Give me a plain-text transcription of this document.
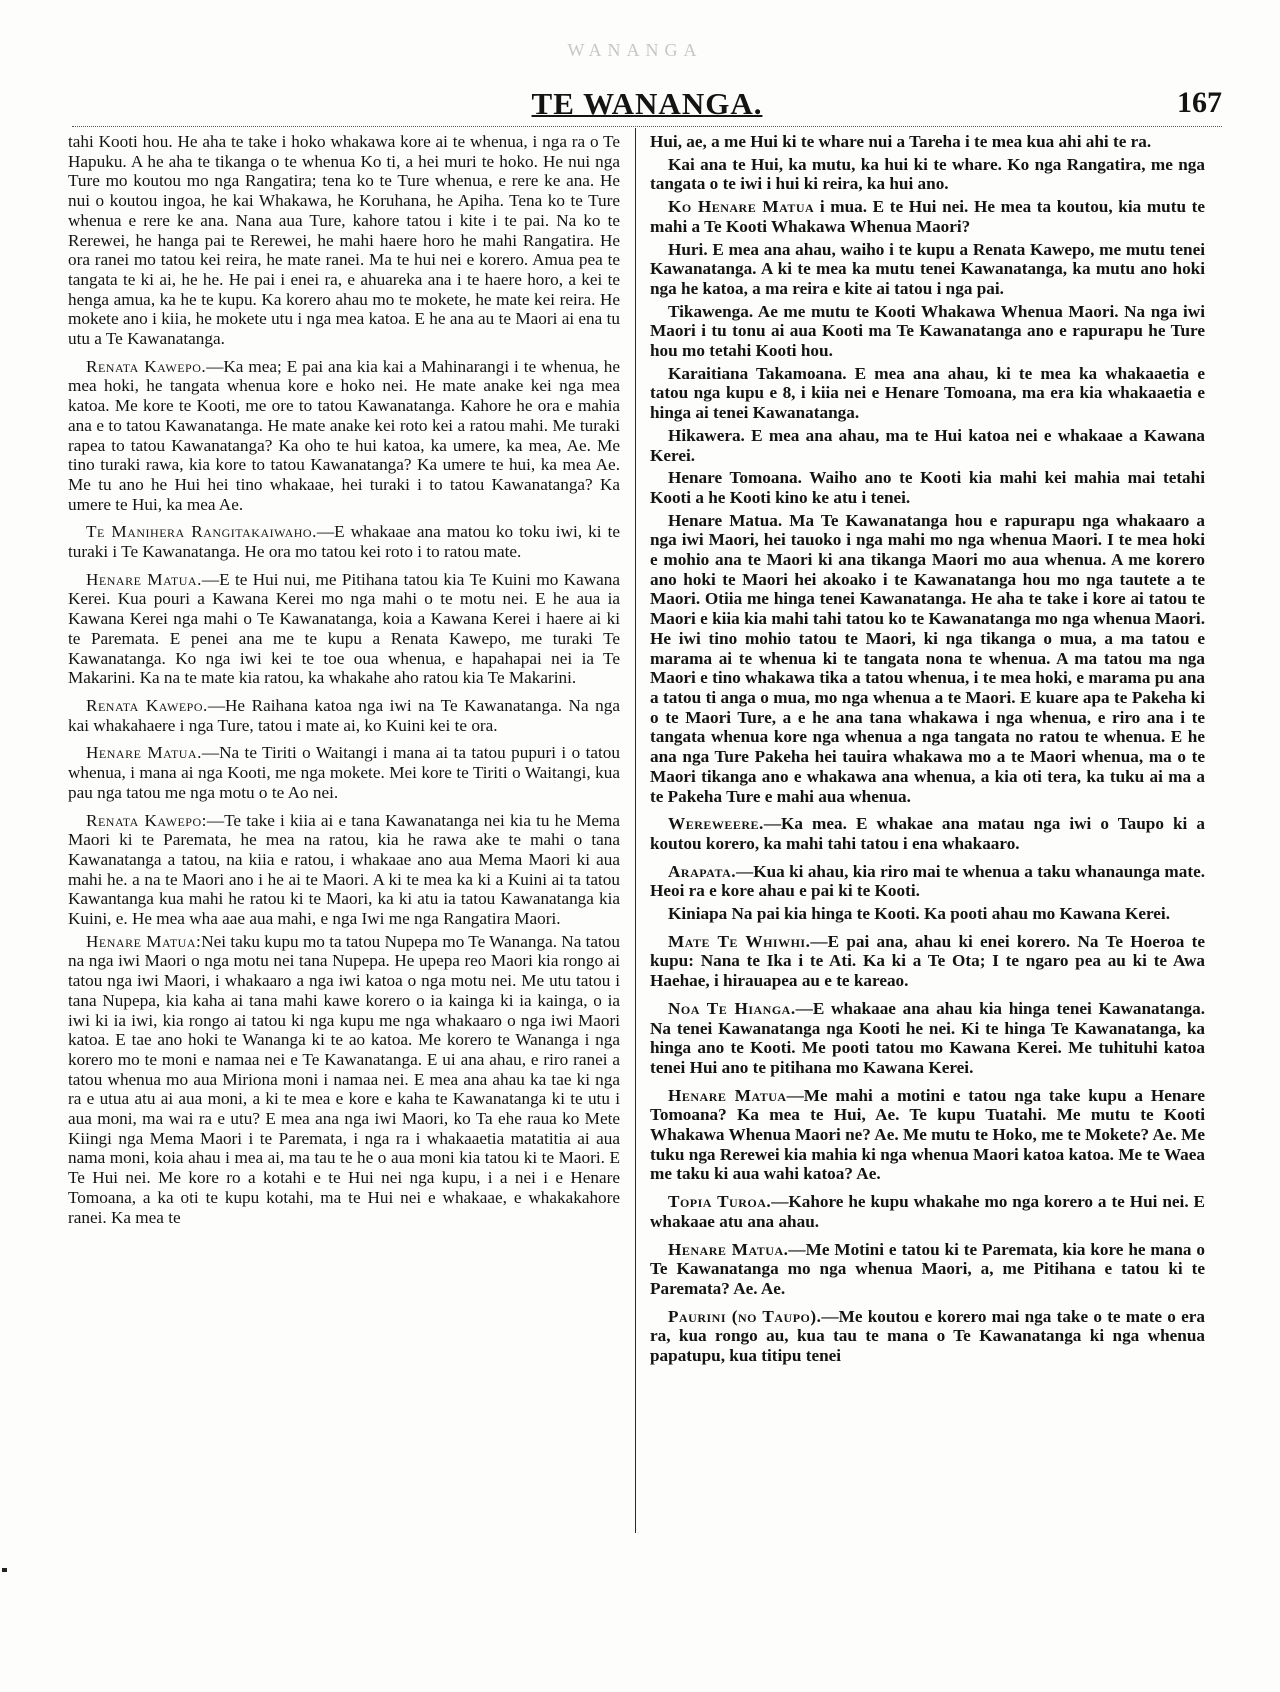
WANANGA
TE WANANGA.	167

tahi Kooti hou. He aha te take i hoko whakawa kore ai te whenua, i nga ra o Te Hapuku. A he aha te tikanga o te whenua Ko ti, a hei muri te hoko. He nui nga Ture mo koutou mo nga Rangatira; tena ko te Ture whenua, e rere ke ana. He nui o koutou ingoa, he kai Whakawa, he Koruhana, he Apiha. Tena ko te Ture whenua e rere ke ana. Nana aua Ture, kahore tatou i kite i te pai. Na ko te Rerewei, he hanga pai te Rerewei, he mahi haere horo he mahi Rangatira. He ora ranei mo tatou kei reira, he mate ranei. Ma te hui nei e korero. Amua pea te tangata te ki ai, he he. He pai i enei ra, e ahuareka ana i te haere horo, a kei te henga amua, ka he te kupu. Ka korero ahau mo te mokete, he mate kei reira. He mokete ano i kiia, he mokete utu i nga mea katoa. E he ana au te Maori ai ena tu utu a Te Kawanatanga.

Renata Kawepo.—Ka mea; E pai ana kia kai a Mahinarangi i te whenua, he mea hoki, he tangata whenua kore e hoko nei. He mate anake kei nga mea katoa. Me kore te Kooti, me ore to tatou Kawanatanga. Kahore he ora e mahia ana e to tatou Kawanatanga. He mate anake kei roto kei a ratou mahi. Me turaki rapea to tatou Kawanatanga? Ka oho te hui katoa, ka umere, ka mea, Ae. Me tino turaki rawa, kia kore to tatou Kawanatanga? Ka umere te hui, ka mea Ae. Me tu ano he Hui hei tino whakaae, hei turaki i to tatou Kawanatanga? Ka umere te Hui, ka mea Ae.

Te Manihera Rangitakaiwaho.—E whakaae ana matou ko toku iwi, ki te turaki i Te Kawanatanga. He ora mo tatou kei roto i to ratou mate.

Henare Matua.—E te Hui nui, me Pitihana tatou kia Te Kuini mo Kawana Kerei. Kua pouri a Kawana Kerei mo nga mahi o te motu nei. E he aua ia Kawana Kerei nga mahi o Te Kawanatanga, koia a Kawana Kerei i haere ai ki te Paremata. E penei ana me te kupu a Renata Kawepo, me turaki Te Kawanatanga. Ko nga iwi kei te toe oua whenua, e hapahapai nei ia Te Makarini. Ka na te mate kia ratou, ka whakahe aho ratou kia Te Makarini.

Renata Kawepo.—He Raihana katoa nga iwi na Te Kawanatanga. Na nga kai whakahaere i nga Ture, tatou i mate ai, ko Kuini kei te ora.

Henare Matua.—Na te Tiriti o Waitangi i mana ai ta tatou pupuri i o tatou whenua, i mana ai nga Kooti, me nga mokete. Mei kore te Tiriti o Waitangi, kua pau nga tatou me nga motu o te Ao nei.

Renata Kawepo:—Te take i kiia ai e tana Kawanatanga nei kia tu he Mema Maori ki te Paremata, he mea na ratou, kia he rawa ake te mahi o tana Kawanatanga a tatou, na kiia e ratou, i whakaae ano aua Mema Maori ki aua mahi he. a na te Maori ano i he ai te Maori. A ki te mea ka ki a Kuini ai ta tatou Kawantanga kua mahi he ratou ki te Maori, ka ki atu ia tatou Kawanatanga kia Kuini, e. He mea wha aae aua mahi, e nga Iwi me nga Rangatira Maori.

Henare Matua:Nei taku kupu mo ta tatou Nupepa mo Te Wananga. Na tatou na nga iwi Maori o nga motu nei tana Nupepa. He upepa reo Maori kia rongo ai tatou nga iwi Maori, i whakaaro a nga iwi katoa o nga motu nei. Me utu tatou i tana Nupepa, kia kaha ai tana mahi kawe korero o ia kainga ki ia kainga, o ia iwi ki ia iwi, kia rongo ai tatou ki nga kupu me nga whakaaro o nga iwi Maori katoa. E tae ano hoki te Wananga ki te ao katoa. Me korero te Wananga i nga korero mo te moni e namaa nei e Te Kawanatanga. E ui ana ahau, e riro ranei a tatou whenua mo aua Miriona moni i namaa nei. E mea ana ahau ka tae ki nga ra e utua atu ai aua moni, a ki te mea e kore e kaha te Kawanatanga ki te utu i aua moni, ma wai ra e utu? E mea ana nga iwi Maori, ko Ta ehe raua ko Mete Kiingi nga Mema Maori i te Paremata, i nga ra i whakaaetia matatitia ai aua nama moni, koia ahau i mea ai, ma tau te he o aua moni kia tatou ki te Maori. E Te Hui nei. Me kore ro a kotahi e te Hui nei nga kupu, i a nei i e Henare Tomoana, a ka oti te kupu kotahi, ma te Hui nei e whakaae, e whakakahore ranei. Ka mea te

Hui, ae, a me Hui ki te whare nui a Tareha i te mea kua ahi ahi te ra.

Kai ana te Hui, ka mutu, ka hui ki te whare. Ko nga Rangatira, me nga tangata o te iwi i hui ki reira, ka hui ano.

Ko Henare Matua i mua. E te Hui nei. He mea ta koutou, kia mutu te mahi a Te Kooti Whakawa Whenua Maori?

Huri. E mea ana ahau, waiho i te kupu a Renata Kawepo, me mutu tenei Kawanatanga. A ki te mea ka mutu tenei Kawanatanga, ka mutu ano hoki nga he katoa, a ma reira e kite ai tatou i nga pai.

Tikawenga. Ae me mutu te Kooti Whakawa Whenua Maori. Na nga iwi Maori i tu tonu ai aua Kooti ma Te Kawanatanga ano e rapurapu he Ture hou mo tetahi Kooti hou.

Karaitiana Takamoana. E mea ana ahau, ki te mea ka whakaaetia e tatou nga kupu e 8, i kiia nei e Henare Tomoana, ma era kia whakaaetia e hinga ai tenei Kawanatanga.

Hikawera. E mea ana ahau, ma te Hui katoa nei e whakaae a Kawana Kerei.

Henare Tomoana. Waiho ano te Kooti kia mahi kei mahia mai tetahi Kooti a he Kooti kino ke atu i tenei.

Henare Matua. Ma Te Kawanatanga hou e rapurapu nga whakaaro a nga iwi Maori, hei tauoko i nga mahi mo nga whenua Maori. I te mea hoki e mohio ana te Maori ki ana tikanga Maori mo aua whenua. A me korero ano hoki te Maori hei akoako i te Kawanatanga hou mo nga tautete a te Maori. Otiia me hinga tenei Kawanatanga. He aha te take i kore ai tatou te Maori e kiia kia mahi tahi tatou ko te Kawanatanga mo nga whenua Maori. He iwi tino mohio tatou te Maori, ki nga tikanga o mua, a ma tatou e marama ai te whenua ki te tangata nona te whenua. A ma tatou ma nga Maori e tino whakawa tika a tatou whenua, i te mea hoki, e marama pu ana a tatou ti anga o mua, mo nga whenua a te Maori. E kuare apa te Pakeha ki o te Maori Ture, a e he ana tana whakawa i nga whenua, e riro ana i te tangata whenua kore nga whenua a nga tangata no ratou te whenua. E he ana nga Ture Pakeha hei tauira whakawa mo a te Maori whenua, ma o te Maori tikanga ano e whakawa ana whenua, a kia oti tera, ka tuku ai ma a te Pakeha Ture e mahi aua whenua.

Wereweere.—Ka mea. E whakae ana matau nga iwi o Taupo ki a koutou korero, ka mahi tahi tatou i ena whakaaro.

Arapata.—Kua ki ahau, kia riro mai te whenua a taku whanaunga mate. Heoi ra e kore ahau e pai ki te Kooti.

Kiniapa Na pai kia hinga te Kooti. Ka pooti ahau mo Kawana Kerei.

Mate Te Whiwhi.—E pai ana, ahau ki enei korero. Na Te Hoeroa te kupu: Nana te Ika i te Ati. Ka ki a Te Ota; I te ngaro pea au ki te Awa Haehae, i hirauapea au e te kareao.

Noa Te Hianga.—E whakaae ana ahau kia hinga tenei Kawanatanga. Na tenei Kawanatanga nga Kooti he nei. Ki te hinga Te Kawanatanga, ka hinga ano te Kooti. Me pooti tatou mo Kawana Kerei. Me tuhituhi katoa tenei Hui ano te pitihana mo Kawana Kerei.

Henare Matua—Me mahi a motini e tatou nga take kupu a Henare Tomoana? Ka mea te Hui, Ae. Te kupu Tuatahi. Me mutu te Kooti Whakawa Whenua Maori ne? Ae. Me mutu te Hoko, me te Mokete? Ae. Me tuku nga Rerewei kia mahia ki nga whenua Maori katoa katoa. Me te Waea me taku ki aua wahi katoa? Ae.

Topia Turoa.—Kahore he kupu whakahe mo nga korero a te Hui nei. E whakaae atu ana ahau.

Henare Matua.—Me Motini e tatou ki te Paremata, kia kore he mana o Te Kawanatanga mo nga whenua Maori, a, me Pitihana e tatou ki te Paremata? Ae. Ae.

Paurini (no Taupo).—Me koutou e korero mai nga take o te mate o era ra, kua rongo au, kua tau te mana o Te Kawanatanga ki nga whenua papatupu, kua titipu tenei
